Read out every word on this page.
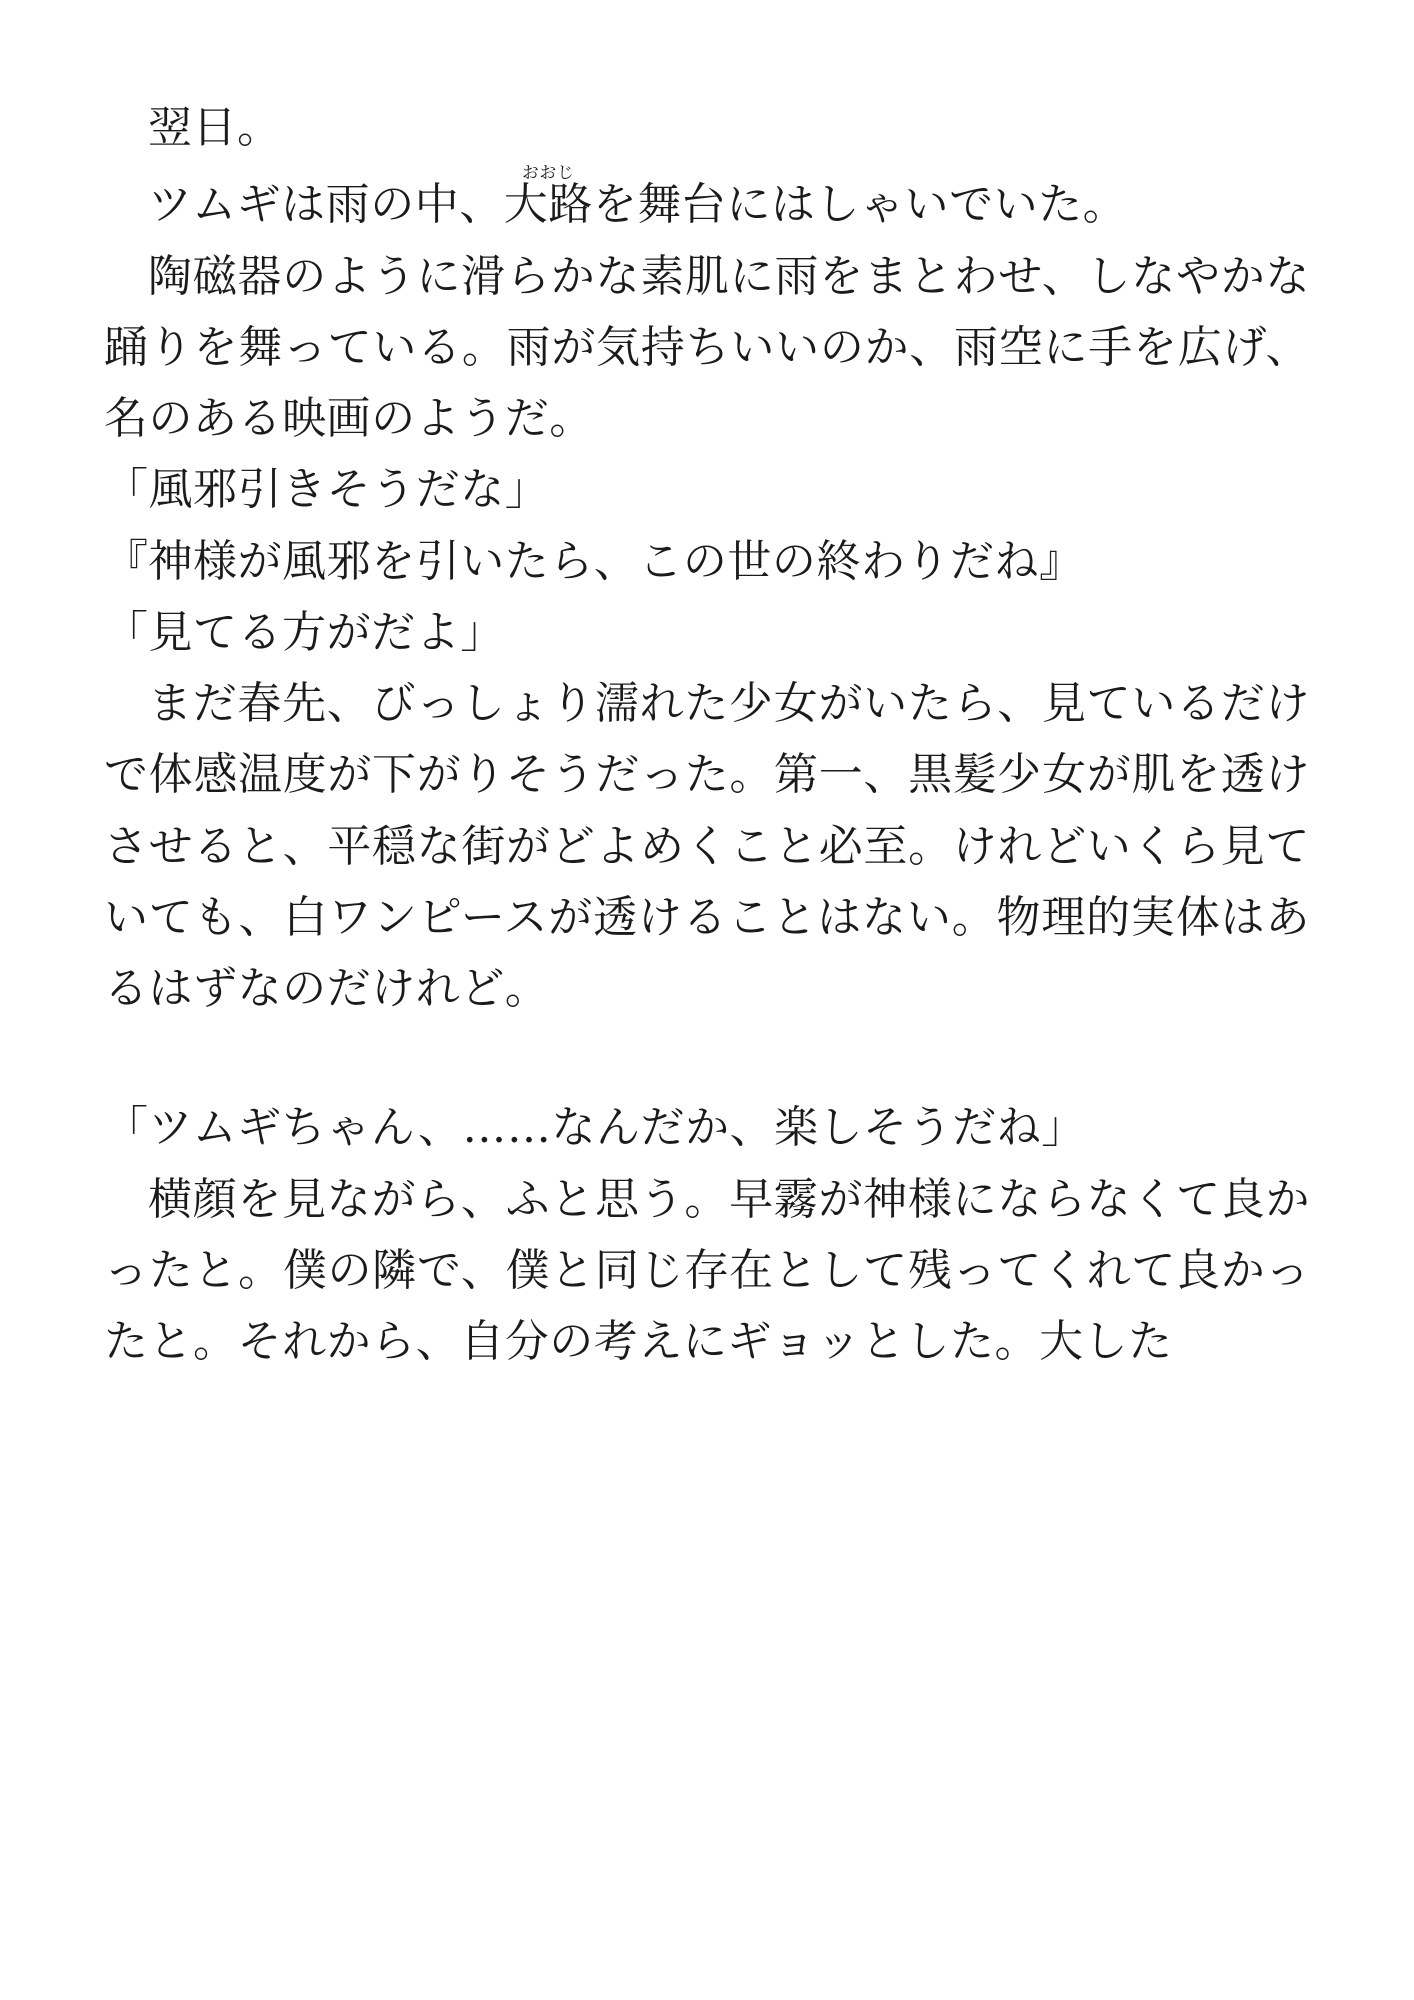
翌日。

ツムギは雨の中、大路おおじを舞台にはしゃいでいた。

陶磁器のように滑らかな素肌に雨をまとわせ、しなやかな踊りを舞っている。雨が気持ちいいのか、雨空に手を広げ、名のある映画のようだ。

「風邪引きそうだな」

『神様が風邪を引いたら、この世の終わりだね』

「見てる方がだよ」

まだ春先、びっしょり濡れた少女がいたら、見ているだけで体感温度が下がりそうだった。第一、黒髪少女が肌を透けさせると、平穏な街がどよめくこと必至。けれどいくら見ていても、白ワンピースが透けることはない。物理的実体はあるはずなのだけれど。

「ツムギちゃん、……なんだか、楽しそうだね」

横顔を見ながら、ふと思う。早霧が神様にならなくて良かったと。僕の隣で、僕と同じ存在として残ってくれて良かったと。それから、自分の考えにギョッとした。大した
